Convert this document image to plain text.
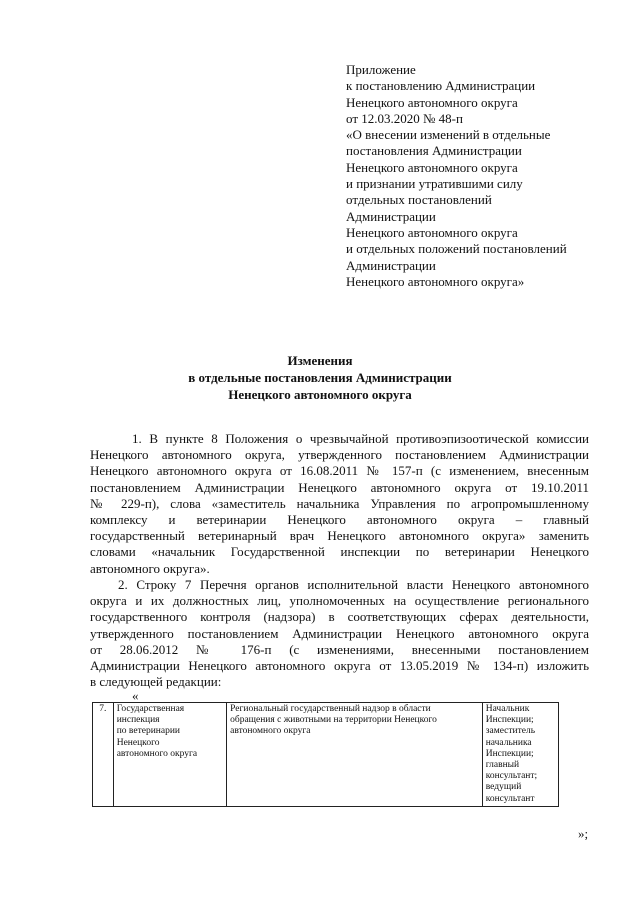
Приложение
к постановлению Администрации
Ненецкого автономного округа
от 12.03.2020 № 48-п
«О внесении изменений в отдельные
постановления Администрации
Ненецкого автономного округа
и признании утратившими силу
отдельных постановлений
Администрации
Ненецкого автономного округа
и отдельных положений постановлений
Администрации
Ненецкого автономного округа»
Изменения
в отдельные постановления Администрации
Ненецкого автономного округа
1. В пункте 8 Положения о чрезвычайной противоэпизоотической комиссии
Ненецкого автономного округа, утвержденного постановлением Администрации
Ненецкого автономного округа от 16.08.2011 № 157-п (с изменением, внесенным
постановлением Администрации Ненецкого автономного округа от 19.10.2011
№ 229-п), слова «заместитель начальника Управления по агропромышленному
комплексу и ветеринарии Ненецкого автономного округа – главный
государственный ветеринарный врач Ненецкого автономного округа» заменить
словами «начальник Государственной инспекции по ветеринарии Ненецкого
автономного округа».
2. Строку 7 Перечня органов исполнительной власти Ненецкого автономного
округа и их должностных лиц, уполномоченных на осуществление регионального
государственного контроля (надзора) в соответствующих сферах деятельности,
утвержденного постановлением Администрации Ненецкого автономного округа
от 28.06.2012 № 176-п (с изменениями, внесенными постановлением
Администрации Ненецкого автономного округа от 13.05.2019 № 134-п) изложить
в следующей редакции:
«
7.	Государственная
инспекция
по ветеринарии
Ненецкого
автономного округа

Региональный государственный надзор в области
обращения с животными на территории Ненецкого
автономного округа

Начальник
Инспекции;
заместитель
начальника
Инспекции;
главный
консультант;
ведущий
консультант
»;
